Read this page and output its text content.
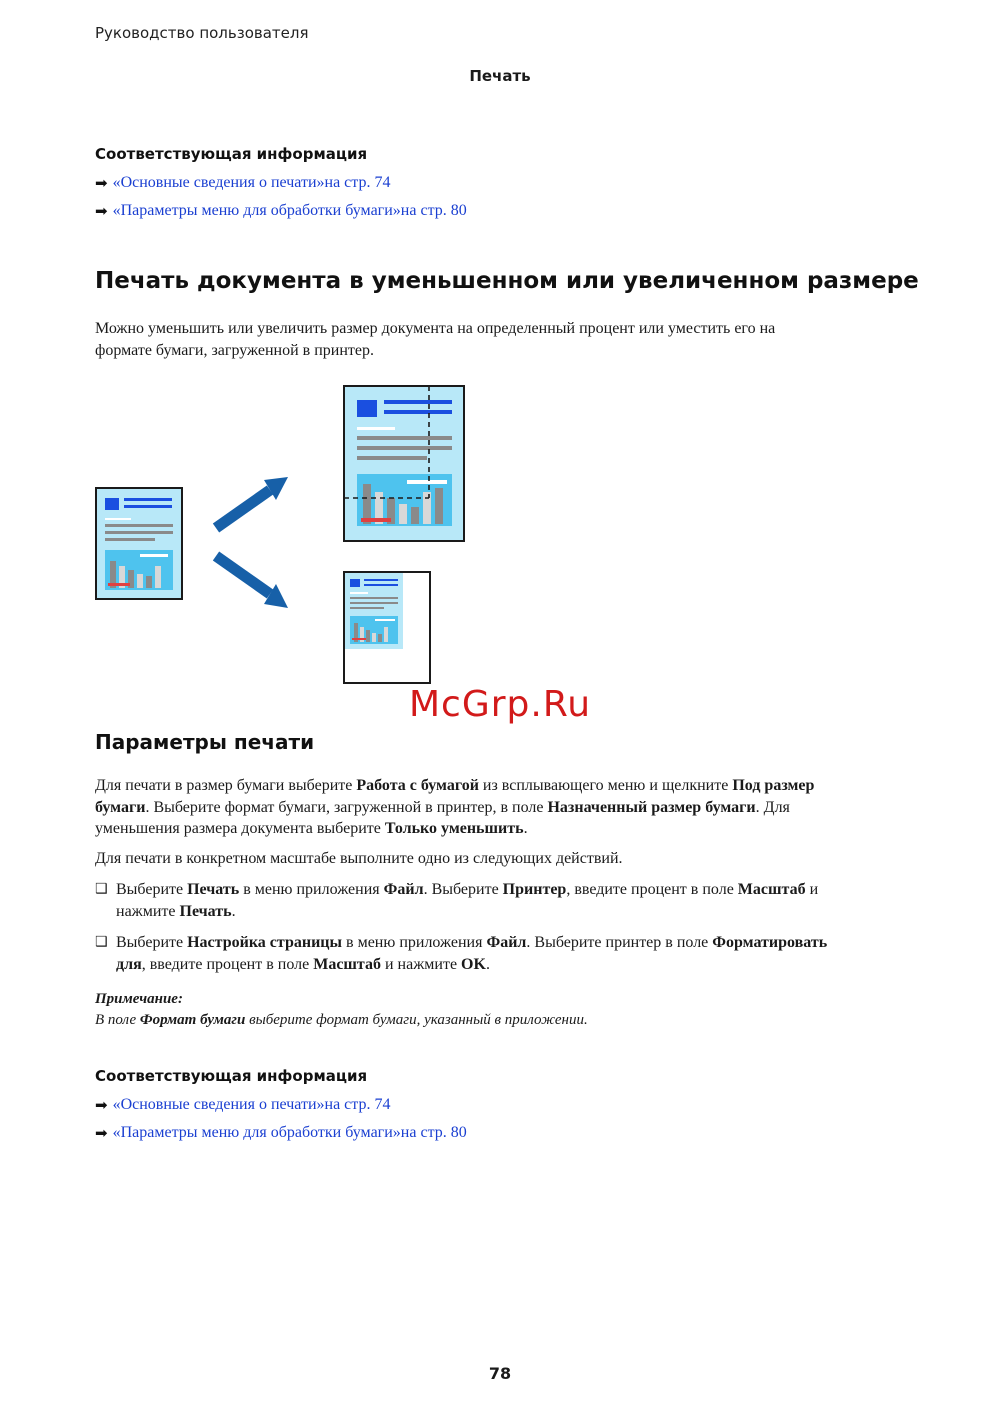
Руководство пользователя
Печать
Соответствующая информация
➡ «Основные сведения о печати» на стр. 74
➡ «Параметры меню для обработки бумаги» на стр. 80
Печать документа в уменьшенном или увеличенном размере
Можно уменьшить или увеличить размер документа на определенный процент или уместить его на
формате бумаги, загруженной в принтер.
McGrp.Ru
Параметры печати
Для печати в размер бумаги выберите Работа с бумагой из всплывающего меню и щелкните Под размер
бумаги. Выберите формат бумаги, загруженной в принтер, в поле Назначенный размер бумаги. Для
уменьшения размера документа выберите Только уменьшить.
Для печати в конкретном масштабе выполните одно из следующих действий.
❑ Выберите Печать в меню приложения Файл. Выберите Принтер, введите процент в поле Масштаб и
нажмите Печать.
❑ Выберите Настройка страницы в меню приложения Файл. Выберите принтер в поле Форматировать
для, введите процент в поле Масштаб и нажмите OK.
Примечание:
В поле Формат бумаги выберите формат бумаги, указанный в приложении.
Соответствующая информация
➡ «Основные сведения о печати» на стр. 74
➡ «Параметры меню для обработки бумаги» на стр. 80
78
